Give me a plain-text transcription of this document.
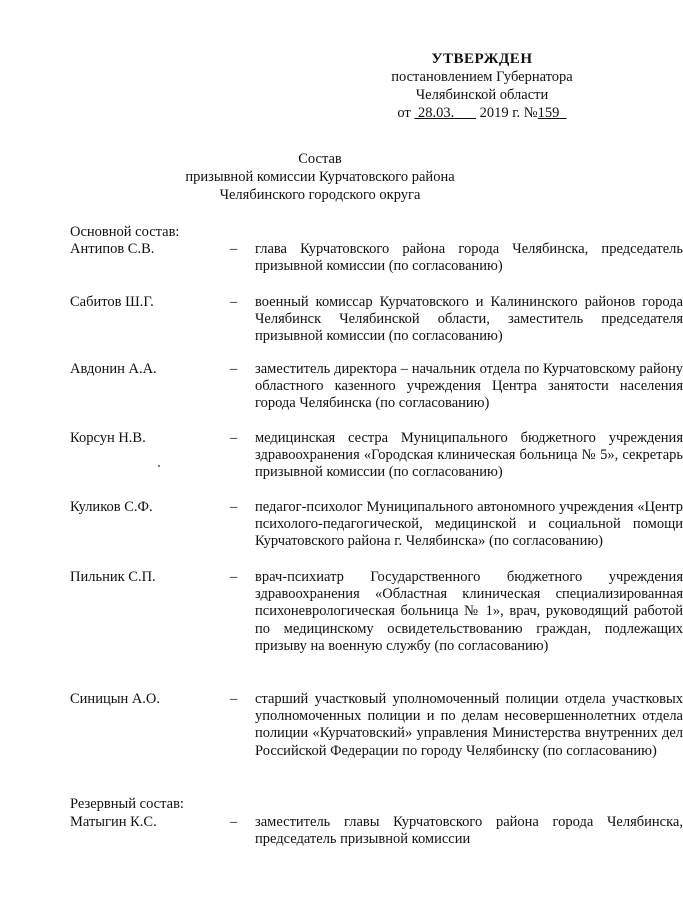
УТВЕРЖДЕН
постановлением Губернатора
Челябинской области
от 28.03. 2019 г. №159
Состав
призывной комиссии Курчатовского района
Челябинского городского округа
Основной состав:
Антипов С.В.	– глава Курчатовского района города Челябинска, председатель призывной комиссии (по согласованию)
Сабитов Ш.Г.	– военный комиссар Курчатовского и Калининского районов города Челябинск Челябинской области, заместитель председателя призывной комиссии (по согласованию)
Авдонин А.А.	– заместитель директора – начальник отдела по Курчатовскому району областного казенного учреждения Центра занятости населения города Челябинска (по согласованию)
Корсун Н.В.	– медицинская сестра Муниципального бюджетного учреждения здравоохранения «Городская клиническая больница № 5», секретарь призывной комиссии (по согласованию)
Куликов С.Ф.	– педагог-психолог Муниципального автономного учреждения «Центр психолого-педагогической, медицинской и социальной помощи Курчатовского района г. Челябинска» (по согласованию)
Пильник С.П.	– врач-психиатр Государственного бюджетного учреждения здравоохранения «Областная клиническая специализированная психоневрологическая больница № 1», врач, руководящий работой по медицинскому освидетельствованию граждан, подлежащих призыву на военную службу (по согласованию)
Синицын А.О.	– старший участковый уполномоченный полиции отдела участковых уполномоченных полиции и по делам несовершеннолетних отдела полиции «Курчатовский» управления Министерства внутренних дел Российской Федерации по городу Челябинску (по согласованию)
Резервный состав:
Матыгин К.С.	– заместитель главы Курчатовского района города Челябинска, председатель призывной комиссии
